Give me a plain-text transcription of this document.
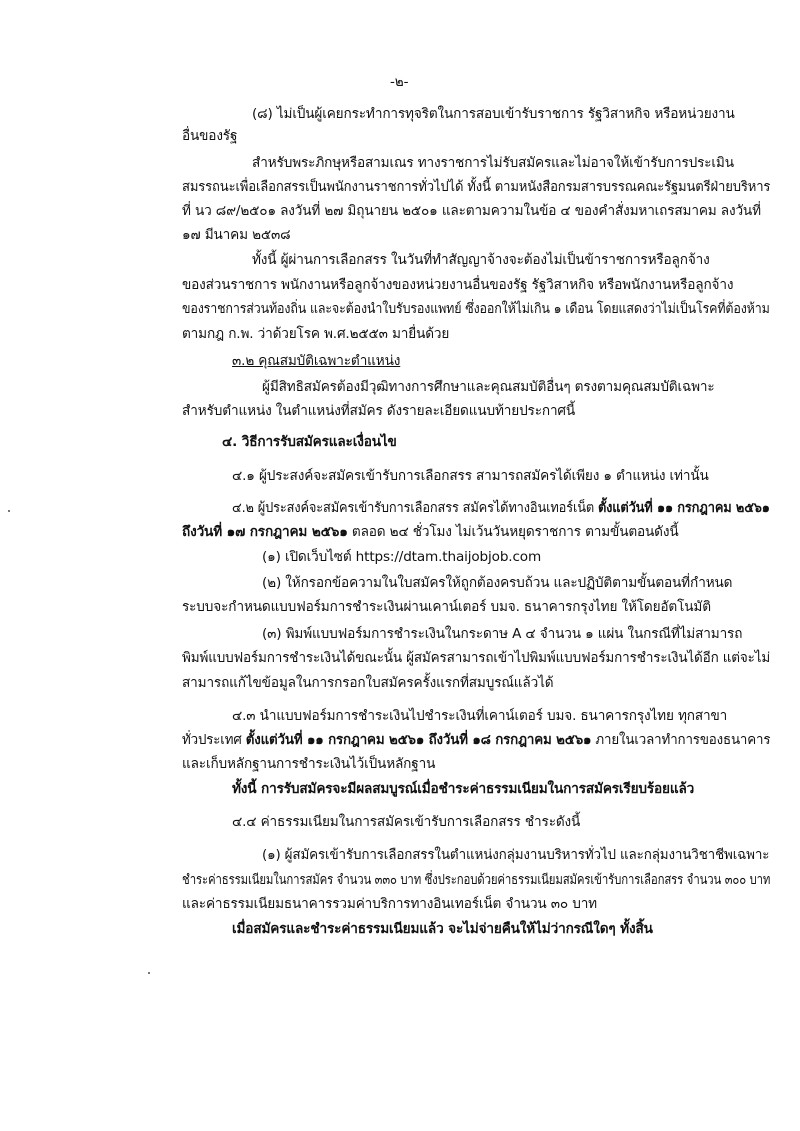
-๒-
(๘) ไม่เป็นผู้เคยกระทำการทุจริตในการสอบเข้ารับราชการ รัฐวิสาหกิจ หรือหน่วยงาน
อื่นของรัฐ
สำหรับพระภิกษุหรือสามเณร ทางราชการไม่รับสมัครและไม่อาจให้เข้ารับการประเมิน
สมรรถนะเพื่อเลือกสรรเป็นพนักงานราชการทั่วไปได้ ทั้งนี้ ตามหนังสือกรมสารบรรณคณะรัฐมนตรีฝ่ายบริหาร
ที่ นว ๘๙/๒๕๐๑ ลงวันที่ ๒๗ มิถุนายน ๒๕๐๑ และตามความในข้อ ๔ ของคำสั่งมหาเถรสมาคม ลงวันที่
๑๗ มีนาคม ๒๕๓๘
ทั้งนี้ ผู้ผ่านการเลือกสรร ในวันที่ทำสัญญาจ้างจะต้องไม่เป็นข้าราชการหรือลูกจ้าง
ของส่วนราชการ พนักงานหรือลูกจ้างของหน่วยงานอื่นของรัฐ รัฐวิสาหกิจ หรือพนักงานหรือลูกจ้าง
ของราชการส่วนท้องถิ่น และจะต้องนำใบรับรองแพทย์ ซึ่งออกให้ไม่เกิน ๑ เดือน โดยแสดงว่าไม่เป็นโรคที่ต้องห้าม
ตามกฎ ก.พ. ว่าด้วยโรค พ.ศ.๒๕๕๓ มายื่นด้วย
๓.๒ คุณสมบัติเฉพาะตำแหน่ง
ผู้มีสิทธิสมัครต้องมีวุฒิทางการศึกษาและคุณสมบัติอื่นๆ ตรงตามคุณสมบัติเฉพาะ
สำหรับตำแหน่ง ในตำแหน่งที่สมัคร ดังรายละเอียดแนบท้ายประกาศนี้
๔. วิธีการรับสมัครและเงื่อนไข
๔.๑ ผู้ประสงค์จะสมัครเข้ารับการเลือกสรร สามารถสมัครได้เพียง ๑ ตำแหน่ง เท่านั้น
๔.๒ ผู้ประสงค์จะสมัครเข้ารับการเลือกสรร สมัครได้ทางอินเทอร์เน็ต ตั้งแต่วันที่ ๑๑ กรกฎาคม ๒๕๖๑
ถึงวันที่ ๑๗ กรกฎาคม ๒๕๖๑ ตลอด ๒๔ ชั่วโมง ไม่เว้นวันหยุดราชการ ตามขั้นตอนดังนี้
(๑) เปิดเว็บไซต์ https://dtam.thaijobjob.com
(๒) ให้กรอกข้อความในใบสมัครให้ถูกต้องครบถ้วน และปฏิบัติตามขั้นตอนที่กำหนด
ระบบจะกำหนดแบบฟอร์มการชำระเงินผ่านเคาน์เตอร์ บมจ. ธนาคารกรุงไทย ให้โดยอัตโนมัติ
(๓) พิมพ์แบบฟอร์มการชำระเงินในกระดาษ A ๔ จำนวน ๑ แผ่น ในกรณีที่ไม่สามารถ
พิมพ์แบบฟอร์มการชำระเงินได้ขณะนั้น ผู้สมัครสามารถเข้าไปพิมพ์แบบฟอร์มการชำระเงินได้อีก แต่จะไม่
สามารถแก้ไขข้อมูลในการกรอกใบสมัครครั้งแรกที่สมบูรณ์แล้วได้
๔.๓ นำแบบฟอร์มการชำระเงินไปชำระเงินที่เคาน์เตอร์ บมจ. ธนาคารกรุงไทย ทุกสาขา
ทั่วประเทศ ตั้งแต่วันที่ ๑๑ กรกฎาคม ๒๕๖๑ ถึงวันที่ ๑๘ กรกฎาคม ๒๕๖๑ ภายในเวลาทำการของธนาคาร
และเก็บหลักฐานการชำระเงินไว้เป็นหลักฐาน
ทั้งนี้ การรับสมัครจะมีผลสมบูรณ์เมื่อชำระค่าธรรมเนียมในการสมัครเรียบร้อยแล้ว
๔.๔ ค่าธรรมเนียมในการสมัครเข้ารับการเลือกสรร ชำระดังนี้
(๑) ผู้สมัครเข้ารับการเลือกสรรในตำแหน่งกลุ่มงานบริหารทั่วไป และกลุ่มงานวิชาชีพเฉพาะ
ชำระค่าธรรมเนียมในการสมัคร จำนวน ๓๓๐ บาท ซึ่งประกอบด้วยค่าธรรมเนียมสมัครเข้ารับการเลือกสรร จำนวน ๓๐๐ บาท
และค่าธรรมเนียมธนาคารรวมค่าบริการทางอินเทอร์เน็ต จำนวน ๓๐ บาท
เมื่อสมัครและชำระค่าธรรมเนียมแล้ว จะไม่จ่ายคืนให้ไม่ว่ากรณีใดๆ ทั้งสิ้น
